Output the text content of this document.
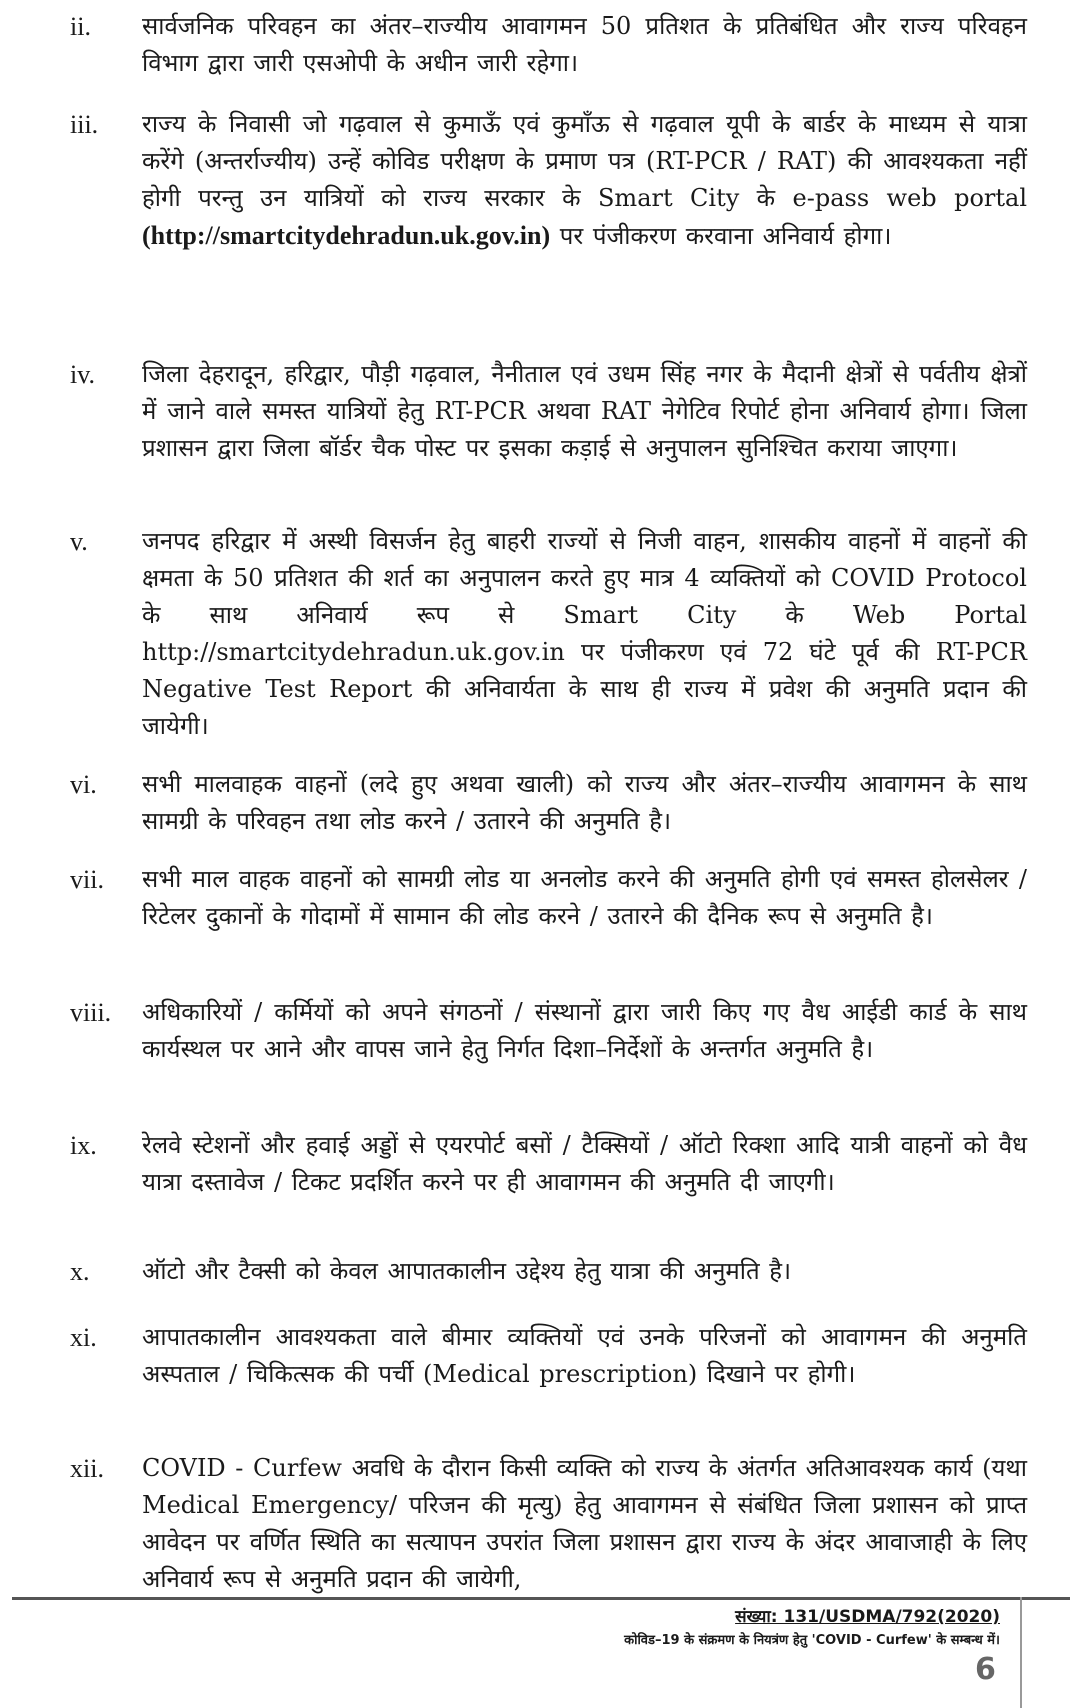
ii.	सार्वजनिक परिवहन का अंतर–राज्यीय आवागमन 50 प्रतिशत के प्रतिबंधित और राज्य परिवहन विभाग द्वारा जारी एसओपी के अधीन जारी रहेगा।
iii.	राज्य के निवासी जो गढ़वाल से कुमाऊँ एवं कुमाँऊ से गढ़वाल यूपी के बार्डर के माध्यम से यात्रा करेंगे (अन्तर्राज्यीय) उन्हें कोविड परीक्षण के प्रमाण पत्र (RT-PCR / RAT) की आवश्यकता नहीं होगी परन्तु उन यात्रियों को राज्य सरकार के Smart City के e-pass web portal (http://smartcitydehradun.uk.gov.in) पर पंजीकरण करवाना अनिवार्य होगा।
iv.	जिला देहरादून, हरिद्वार, पौड़ी गढ़वाल, नैनीताल एवं उधम सिंह नगर के मैदानी क्षेत्रों से पर्वतीय क्षेत्रों में जाने वाले समस्त यात्रियों हेतु RT-PCR अथवा RAT नेगेटिव रिपोर्ट होना अनिवार्य होगा। जिला प्रशासन द्वारा जिला बॉर्डर चैक पोस्ट पर इसका कड़ाई से अनुपालन सुनिश्चित कराया जाएगा।
v.	जनपद हरिद्वार में अस्थी विसर्जन हेतु बाहरी राज्यों से निजी वाहन, शासकीय वाहनों में वाहनों की क्षमता के 50 प्रतिशत की शर्त का अनुपालन करते हुए मात्र 4 व्यक्तियों को COVID Protocol के साथ अनिवार्य रूप से Smart City के Web Portal http://smartcitydehradun.uk.gov.in पर पंजीकरण एवं 72 घंटे पूर्व की RT-PCR Negative Test Report की अनिवार्यता के साथ ही राज्य में प्रवेश की अनुमति प्रदान की जायेगी।
vi.	सभी मालवाहक वाहनों (लदे हुए अथवा खाली) को राज्य और अंतर–राज्यीय आवागमन के साथ सामग्री के परिवहन तथा लोड करने / उतारने की अनुमति है।
vii.	सभी माल वाहक वाहनों को सामग्री लोड या अनलोड करने की अनुमति होगी एवं समस्त होलसेलर / रिटेलर दुकानों के गोदामों में सामान की लोड करने / उतारने की दैनिक रूप से अनुमति है।
viii.	अधिकारियों / कर्मियों को अपने संगठनों / संस्थानों द्वारा जारी किए गए वैध आईडी कार्ड के साथ कार्यस्थल पर आने और वापस जाने हेतु निर्गत दिशा–निर्देशों के अन्तर्गत अनुमति है।
ix.	रेलवे स्टेशनों और हवाई अड्डों से एयरपोर्ट बसों / टैक्सियों / ऑटो रिक्शा आदि यात्री वाहनों को वैध यात्रा दस्तावेज / टिकट प्रदर्शित करने पर ही आवागमन की अनुमति दी जाएगी।
x.	ऑटो और टैक्सी को केवल आपातकालीन उद्देश्य हेतु यात्रा की अनुमति है।
xi.	आपातकालीन आवश्यकता वाले बीमार व्यक्तियों एवं उनके परिजनों को आवागमन की अनुमति अस्पताल / चिकित्सक की पर्ची (Medical prescription) दिखाने पर होगी।
xii.	COVID - Curfew अवधि के दौरान किसी व्यक्ति को राज्य के अंतर्गत अतिआवश्यक कार्य (यथा Medical Emergency/ परिजन की मृत्यु) हेतु आवागमन से संबंधित जिला प्रशासन को प्राप्त आवेदन पर वर्णित स्थिति का सत्यापन उपरांत जिला प्रशासन द्वारा राज्य के अंदर आवाजाही के लिए अनिवार्य रूप से अनुमति प्रदान की जायेगी,
संख्या: 131/USDMA/792(2020)
कोविड–19 के संक्रमण के नियत्रंण हेतु 'COVID - Curfew' के सम्बन्ध में।
6
